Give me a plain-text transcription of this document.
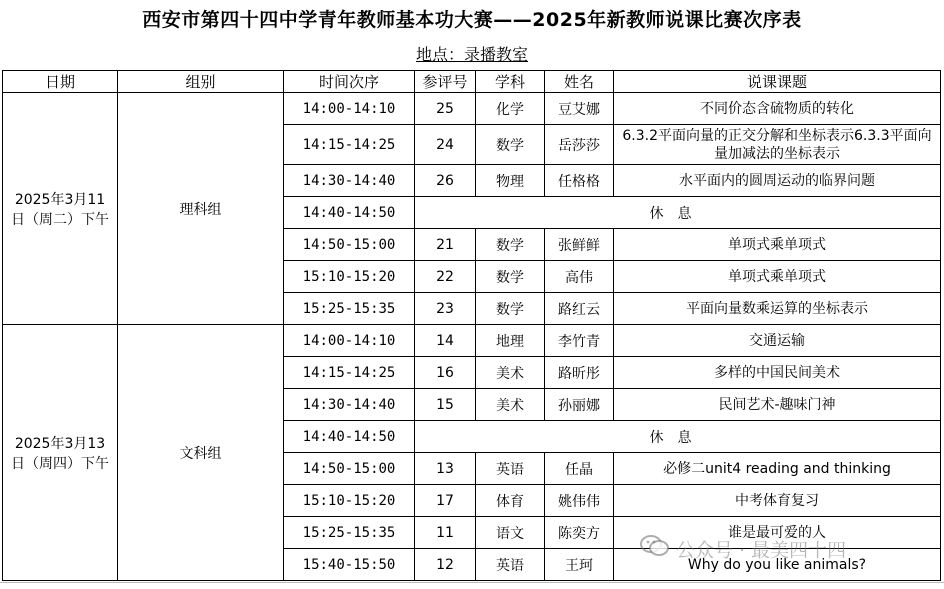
西安市第四十四中学青年教师基本功大赛——2025年新教师说课比赛次序表
地点：录播教室
日期	组别	时间次序	参评号	学科	姓名	说课课题
2025年3月11日（周二）下午	理科组	14:00-14:10	25	化学	豆艾娜	不同价态含硫物质的转化
		14:15-14:25	24	数学	岳莎莎	6.3.2平面向量的正交分解和坐标表示6.3.3平面向量加减法的坐标表示
		14:30-14:40	26	物理	任格格	水平面内的圆周运动的临界问题
		14:40-14:50	休息			
		14:50-15:00	21	数学	张鲜鲜	单项式乘单项式
		15:10-15:20	22	数学	高伟	单项式乘单项式
		15:25-15:35	23	数学	路红云	平面向量数乘运算的坐标表示
2025年3月13日（周四）下午	文科组	14:00-14:10	14	地理	李竹青	交通运输
		14:15-14:25	16	美术	路昕彤	多样的中国民间美术
		14:30-14:40	15	美术	孙丽娜	民间艺术-趣味门神
		14:40-14:50	休息			
		14:50-15:00	13	英语	任晶	必修二unit4 reading and thinking
		15:10-15:20	17	体育	姚伟伟	中考体育复习
		15:25-15:35	11	语文	陈奕方	谁是最可爱的人
		15:40-15:50	12	英语	王珂	Why do you like animals?
公众号 · 最美四十四
